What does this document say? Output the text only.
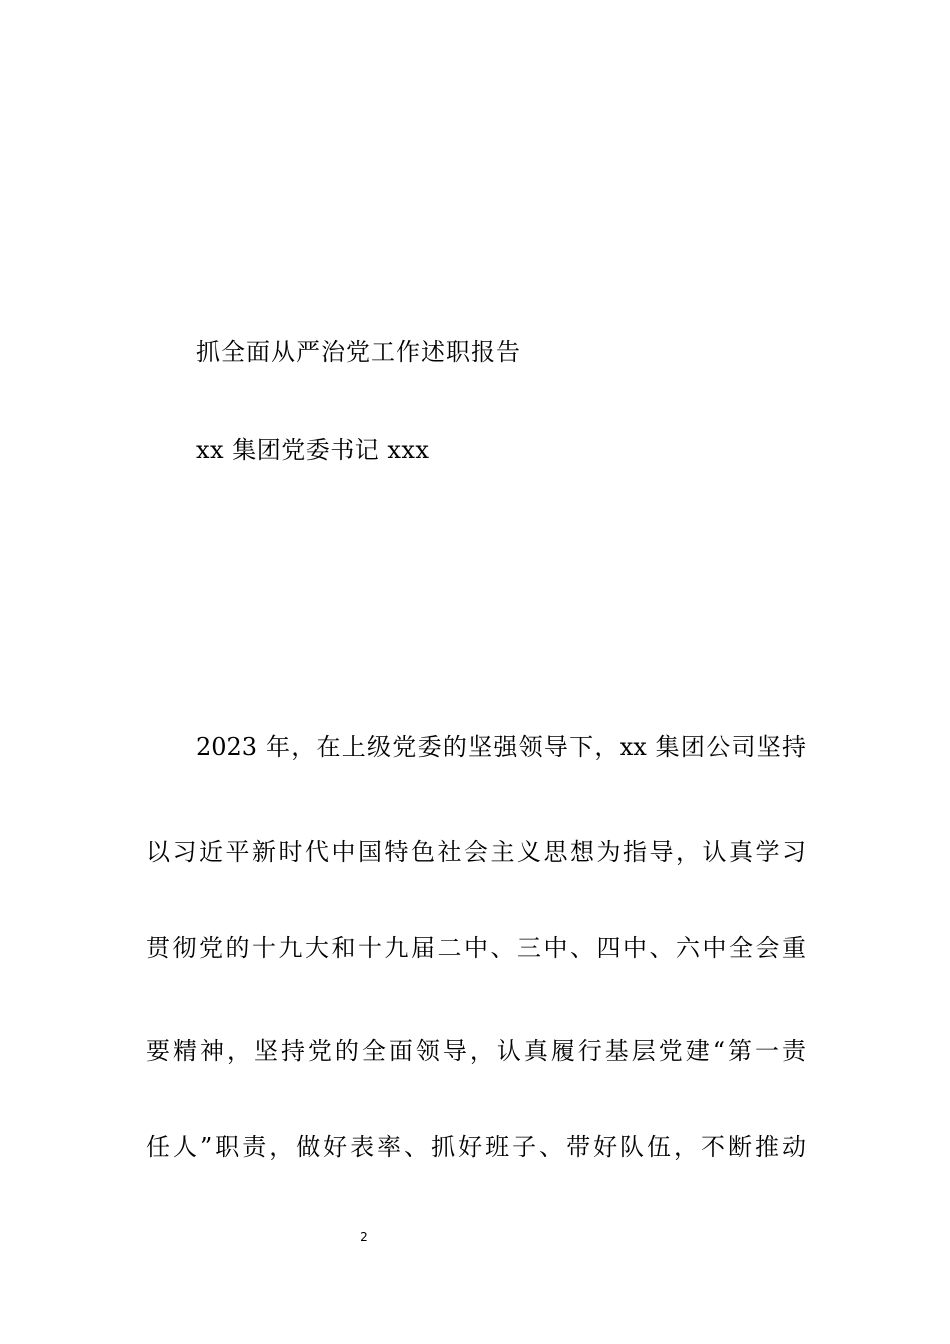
抓全面从严治党工作述职报告
xx 集团党委书记 xxx
2023 年，在上级党委的坚强领导下，xx 集团公司坚持
以习近平新时代中国特色社会主义思想为指导，认真学习
贯彻党的十九大和十九届二中、三中、四中、六中全会重
要精神，坚持党的全面领导，认真履行基层党建“第一责
任人”职责，做好表率、抓好班子、带好队伍，不断推动
2
